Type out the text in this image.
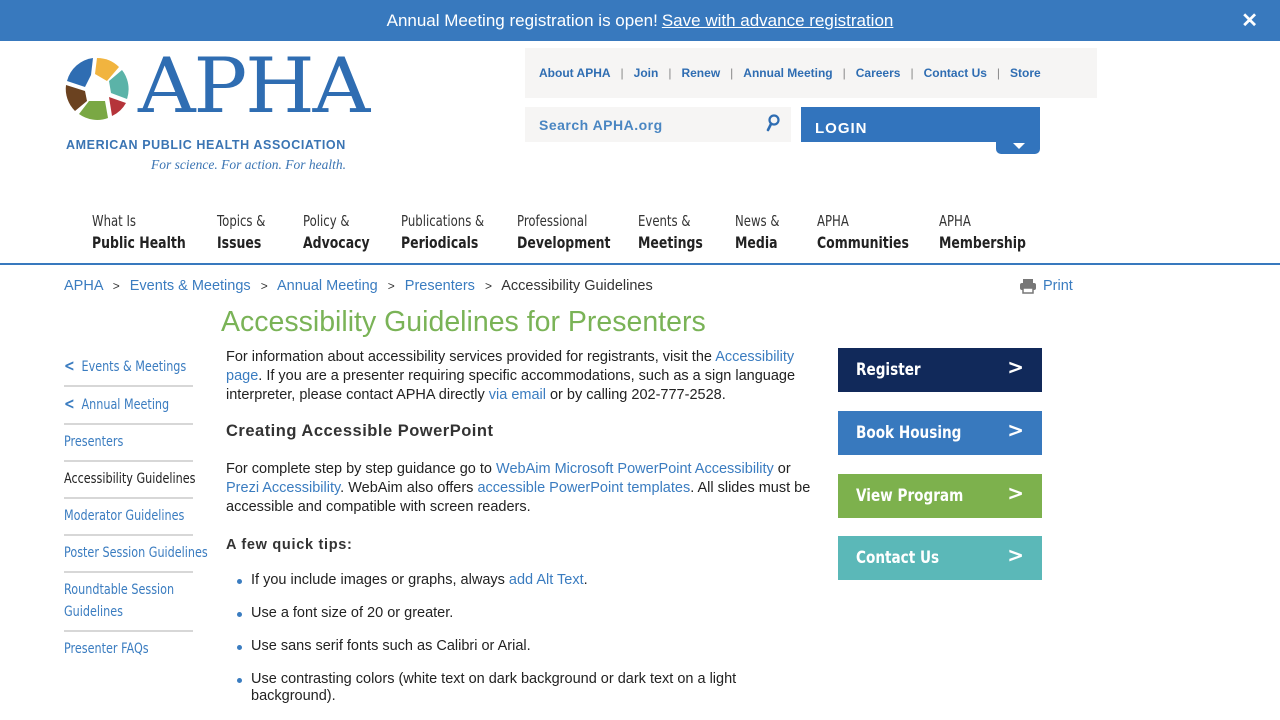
Annual Meeting registration is open! Save with advance registration	✕
APHA
AMERICAN PUBLIC HEALTH ASSOCIATION
For science. For action. For health.
About APHA | Join | Renew | Annual Meeting | Careers | Contact Us | Store
Search APHA.org
LOGIN
What Is
Public Health
Topics &
Issues
Policy &
Advocacy
Publications &
Periodicals
Professional
Development
Events &
Meetings
News &
Media
APHA
Communities
APHA
Membership
APHA > Events & Meetings > Annual Meeting > Presenters > Accessibility Guidelines	Print
Accessibility Guidelines for Presenters
< Events & Meetings
< Annual Meeting
Presenters
Accessibility Guidelines
Moderator Guidelines
Poster Session Guidelines
Roundtable Session Guidelines
Presenter FAQs

For information about accessibility services provided for registrants, visit the Accessibility page. If you are a presenter requiring specific accommodations, such as a sign language interpreter, please contact APHA directly via email or by calling 202-777-2528.

Creating Accessible PowerPoint

For complete step by step guidance go to WebAim Microsoft PowerPoint Accessibility or Prezi Accessibility. WebAim also offers accessible PowerPoint templates. All slides must be accessible and compatible with screen readers.

A few quick tips:
If you include images or graphs, always add Alt Text.
Use a font size of 20 or greater.
Use sans serif fonts such as Calibri or Arial.
Use contrasting colors (white text on dark background or dark text on a light background).
Register	>
Book Housing >
View Program >
Contact Us	>
